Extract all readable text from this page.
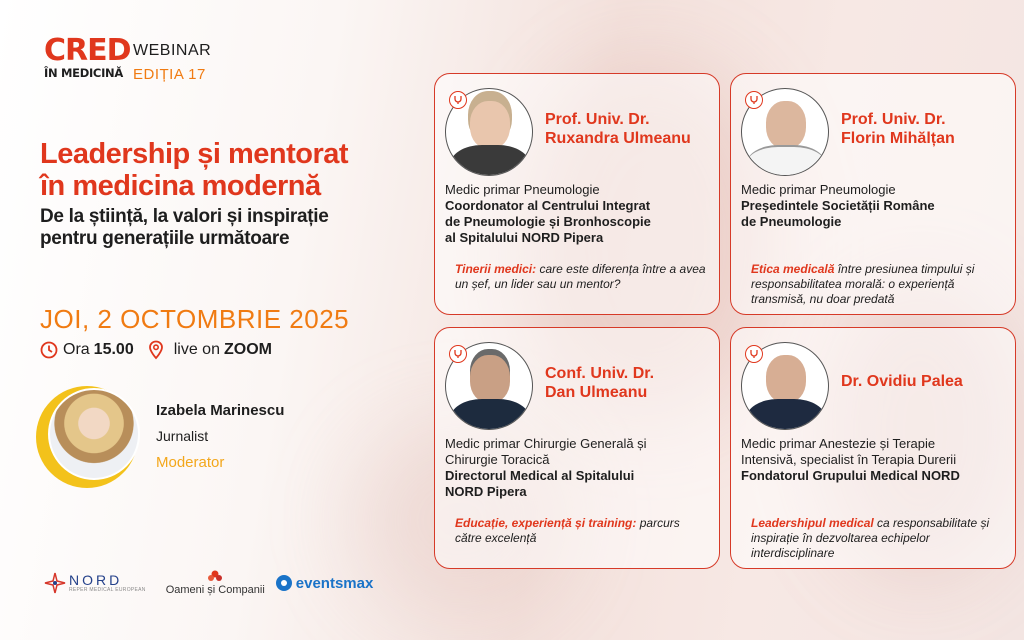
CRED
ÎN MEDICINĂ
WEBINAR
EDIȚIA 17
Leadership și mentorat
în medicina modernă
De la știință, la valori și inspirație
pentru generațiile următoare
JOI, 2 OCTOMBRIE 2025
Ora 15.00	live on ZOOM
Izabela Marinescu
Jurnalist
Moderator
NORD
REPER MEDICAL EUROPEAN Oameni și Companii eventsmax
Prof. Univ. Dr.
Ruxandra Ulmeanu
Medic primar Pneumologie
Coordonator al Centrului Integrat
de Pneumologie și Bronhoscopie
al Spitalului NORD Pipera
Tinerii medici: care este diferența între a avea un șef, un lider sau un mentor?
Prof. Univ. Dr.
Florin Mihălțan
Medic primar Pneumologie
Președintele Societății Române
de Pneumologie
Etica medicală între presiunea timpului și responsabilitatea morală: o experiență transmisă, nu doar predată
Conf. Univ. Dr.
Dan Ulmeanu
Medic primar Chirurgie Generală și
Chirurgie Toracică
Directorul Medical al Spitalului
NORD Pipera
Educație, experiență și training: parcurs către excelență
Dr. Ovidiu Palea
Medic primar Anestezie și Terapie
Intensivă, specialist în Terapia Durerii
Fondatorul Grupului Medical NORD
Leadershipul medical ca responsabilitate și inspirație în dezvoltarea echipelor interdisciplinare
